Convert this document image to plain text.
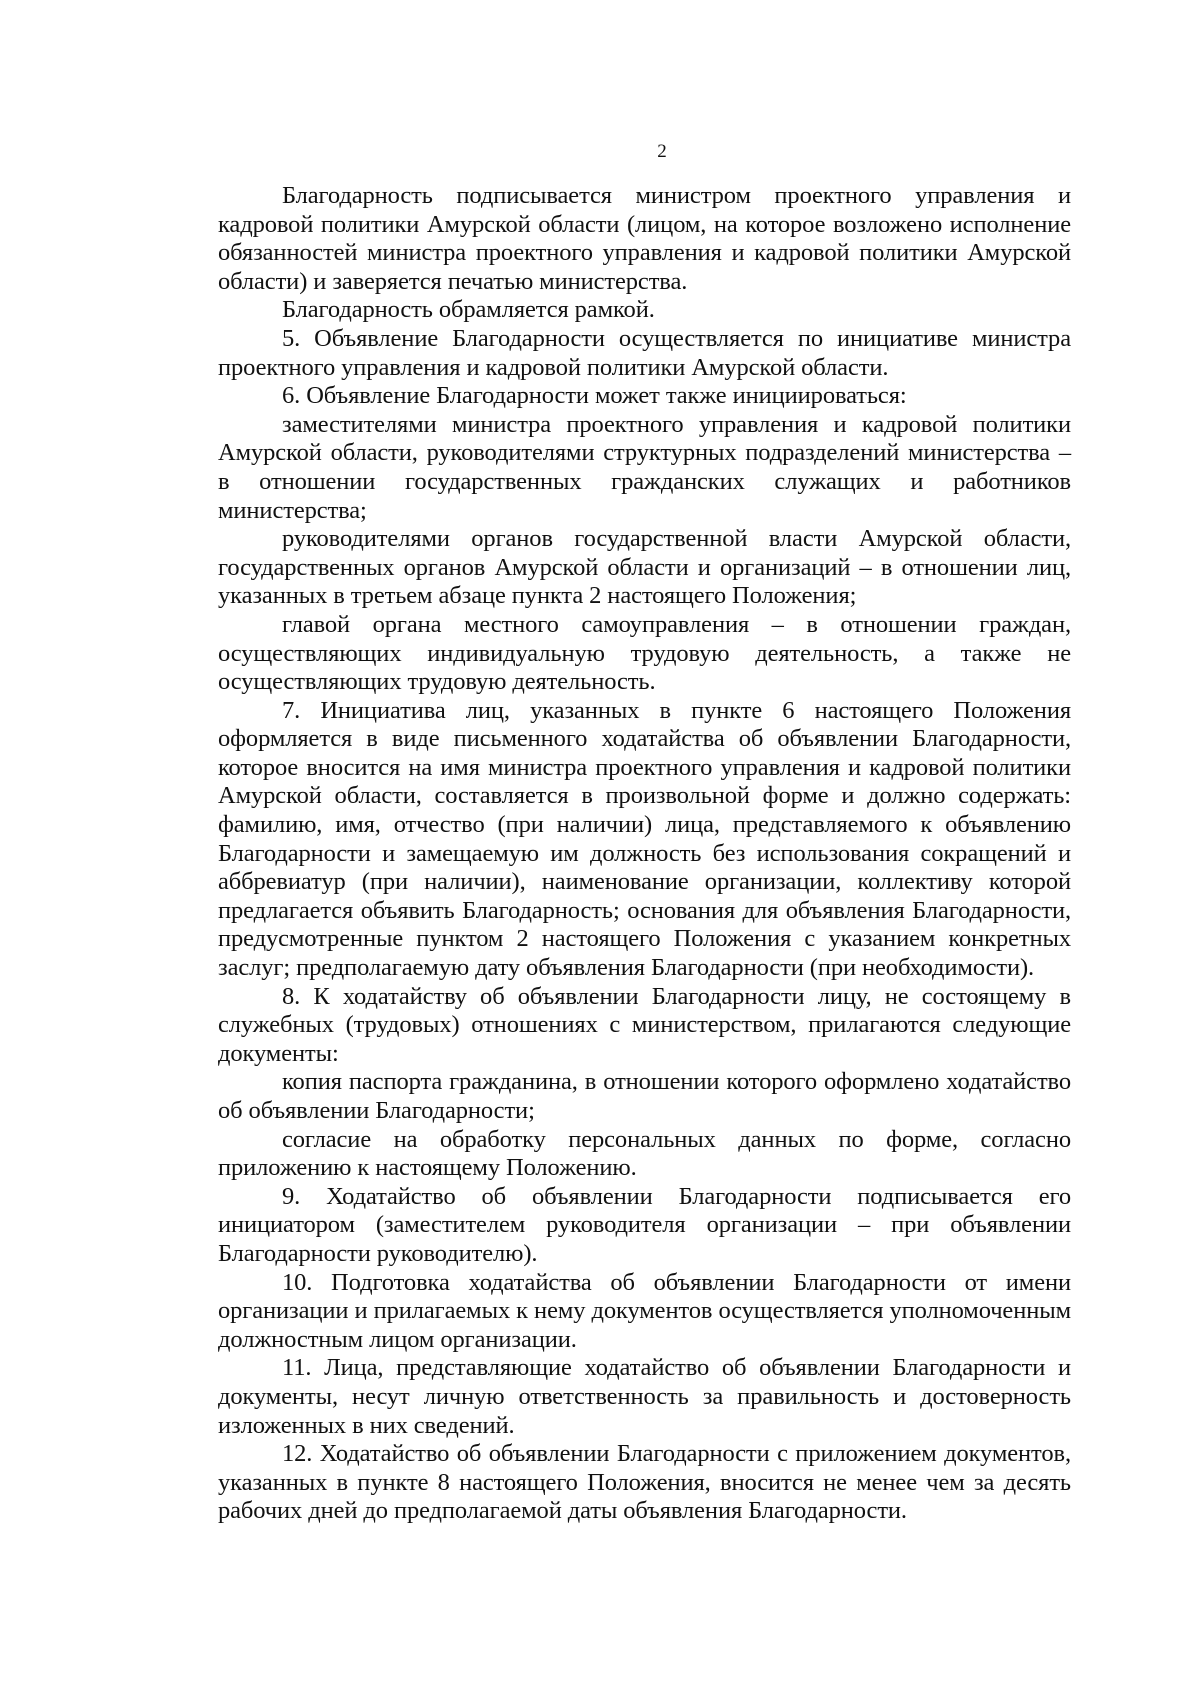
2

Благодарность подписывается министром проектного управления и кадровой политики Амурской области (лицом, на которое возложено исполнение обязанностей министра проектного управления и кадровой политики Амурской области) и заверяется печатью министерства.

Благодарность обрамляется рамкой.

5. Объявление Благодарности осуществляется по инициативе министра проектного управления и кадровой политики Амурской области.

6. Объявление Благодарности может также инициироваться:

заместителями министра проектного управления и кадровой политики Амурской области, руководителями структурных подразделений министерства – в отношении государственных гражданских служащих и работников министерства;

руководителями органов государственной власти Амурской области, государственных органов Амурской области и организаций – в отношении лиц, указанных в третьем абзаце пункта 2 настоящего Положения;

главой органа местного самоуправления – в отношении граждан, осуществляющих индивидуальную трудовую деятельность, а также не осуществляющих трудовую деятельность.

7. Инициатива лиц, указанных в пункте 6 настоящего Положения оформляется в виде письменного ходатайства об объявлении Благодарности, которое вносится на имя министра проектного управления и кадровой политики Амурской области, составляется в произвольной форме и должно содержать: фамилию, имя, отчество (при наличии) лица, представляемого к объявлению Благодарности и замещаемую им должность без использования сокращений и аббревиатур (при наличии), наименование организации, коллективу которой предлагается объявить Благодарность; основания для объявления Благодарности, предусмотренные пунктом 2 настоящего Положения с указанием конкретных заслуг; предполагаемую дату объявления Благодарности (при необходимости).

8. К ходатайству об объявлении Благодарности лицу, не состоящему в служебных (трудовых) отношениях с министерством, прилагаются следующие документы:

копия паспорта гражданина, в отношении которого оформлено ходатайство об объявлении Благодарности;

согласие на обработку персональных данных по форме, согласно приложению к настоящему Положению.

9. Ходатайство об объявлении Благодарности подписывается его инициатором (заместителем руководителя организации – при объявлении Благодарности руководителю).

10. Подготовка ходатайства об объявлении Благодарности от имени организации и прилагаемых к нему документов осуществляется уполномоченным должностным лицом организации.

11. Лица, представляющие ходатайство об объявлении Благодарности и документы, несут личную ответственность за правильность и достоверность изложенных в них сведений.

12. Ходатайство об объявлении Благодарности с приложением документов, указанных в пункте 8 настоящего Положения, вносится не менее чем за десять рабочих дней до предполагаемой даты объявления Благодарности.
